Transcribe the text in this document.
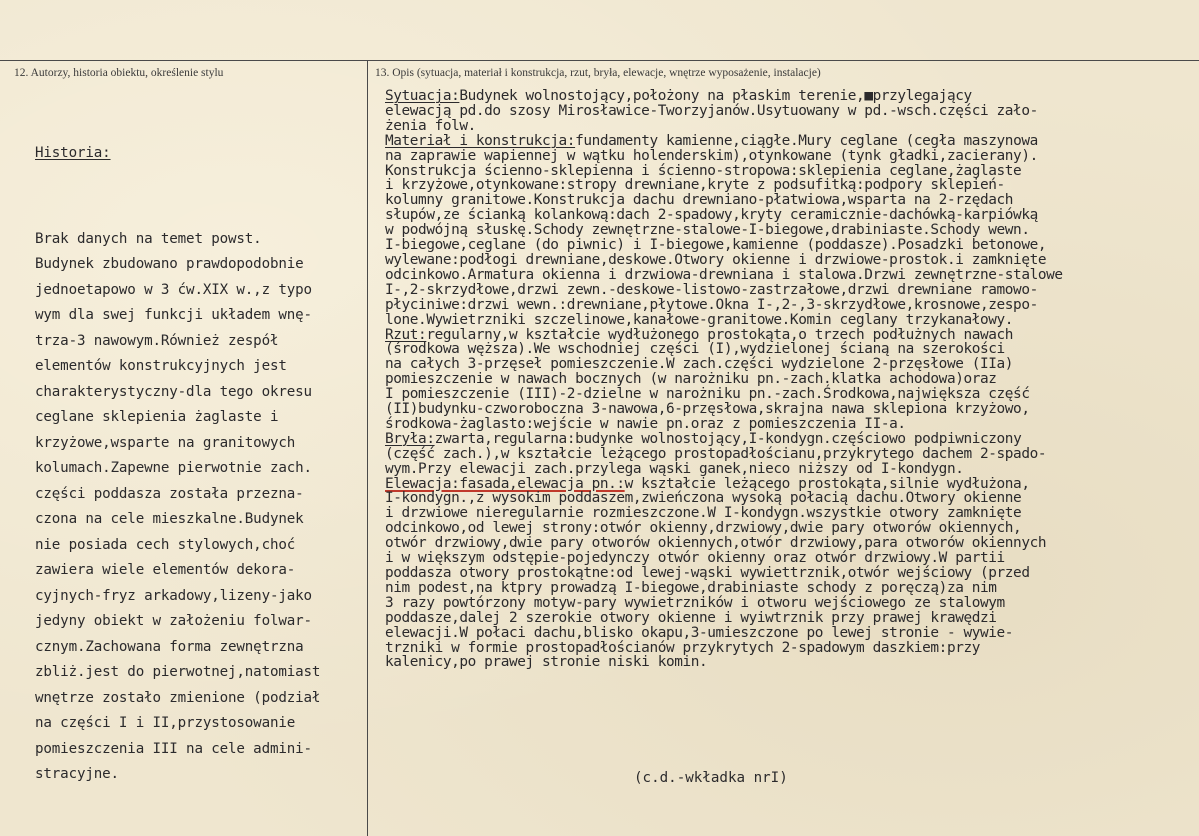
12. Autorzy, historia obiektu, określenie stylu	13. Opis (sytuacja, materiał i konstrukcja, rzut, bryła, elewacje, wnętrze wyposażenie, instalacje)

Historia:

Brak danych na temet powst.
Budynek zbudowano prawdopodobnie
jednoetapowo w 3 ćw.XIX w.,z typo
wym dla swej funkcji układem wnę-
trza-3 nawowym.Również zespół
elementów konstrukcyjnych jest
charakterystyczny-dla tego okresu
ceglane sklepienia żaglaste i
krzyżowe,wsparte na granitowych
kolumach.Zapewne pierwotnie zach.
części poddasza została przezna-
czona na cele mieszkalne.Budynek
nie posiada cech stylowych,choć
zawiera wiele elementów dekora-
cyjnych-fryz arkadowy,lizeny-jako
jedyny obiekt w założeniu folwar-
cznym.Zachowana forma zewnętrzna
zbliż.jest do pierwotnej,natomiast
wnętrze zostało zmienione (podział
na części I i II,przystosowanie
pomieszczenia III na cele admini-
stracyjne.

Sytuacja:Budynek wolnostojący,położony na płaskim terenie,■przylegający
elewacją pd.do szosy Mirosławice-Tworzyjanów.Usytuowany w pd.-wsch.części zało-
żenia folw.
Materiał i konstrukcja:fundamenty kamienne,ciągłe.Mury ceglane (cegła maszynowa
na zaprawie wapiennej w wątku holenderskim),otynkowane (tynk gładki,zacierany).
Konstrukcja ścienno-sklepienna i ścienno-stropowa:sklepienia ceglane,żaglaste
i krzyżowe,otynkowane:stropy drewniane,kryte z podsufitką:podpory sklepień-
kolumny granitowe.Konstrukcja dachu drewniano-płatwiowa,wsparta na 2-rzędach
słupów,ze ścianką kolankową:dach 2-spadowy,kryty ceramicznie-dachówką-karpiówką
w podwójną słuskę.Schody zewnętrzne-stalowe-I-biegowe,drabiniaste.Schody wewn.
I-biegowe,ceglane (do piwnic) i I-biegowe,kamienne (poddasze).Posadzki betonowe,
wylewane:podłogi drewniane,deskowe.Otwory okienne i drzwiowe-prostok.i zamknięte
odcinkowo.Armatura okienna i drzwiowa-drewniana i stalowa.Drzwi zewnętrzne-stalowe
I-,2-skrzydłowe,drzwi zewn.-deskowe-listowo-zastrzałowe,drzwi drewniane ramowo-
płyciniwe:drzwi wewn.:drewniane,płytowe.Okna I-,2-,3-skrzydłowe,krosnowe,zespo-
lone.Wywietrzniki szczelinowe,kanałowe-granitowe.Komin ceglany trzykanałowy.
Rzut:regularny,w kształcie wydłużonego prostokąta,o trzech podłużnych nawach
(środkowa węższa).We wschodniej części (I),wydzielonej ścianą na szerokości
na całych 3-przęseł pomieszczenie.W zach.części wydzielone 2-przęsłowe (IIa)
pomieszczenie w nawach bocznych (w narożniku pn.-zach.klatka achodowa)oraz
I pomieszczenie (III)-2-dzielne w narożniku pn.-zach.Środkowa,największa część
(II)budynku-czworoboczna 3-nawowa,6-przęsłowa,skrajna nawa sklepiona krzyżowo,
środkowa-żaglasto:wejście w nawie pn.oraz z pomieszczenia II-a.
Bryła:zwarta,regularna:budynke wolnostojący,I-kondygn.częściowo podpiwniczony
(część zach.),w kształcie leżącego prostopadłościanu,przykrytego dachem 2-spado-
wym.Przy elewacji zach.przylega wąski ganek,nieco niższy od I-kondygn.
Elewacja:fasada,elewacja pn.:w kształcie leżącego prostokąta,silnie wydłużona,
I-kondygn.,z wysokim poddaszem,zwieńczona wysoką połacią dachu.Otwory okienne
i drzwiowe nieregularnie rozmieszczone.W I-kondygn.wszystkie otwory zamknięte
odcinkowo,od lewej strony:otwór okienny,drzwiowy,dwie pary otworów okiennych,
otwór drzwiowy,dwie pary otworów okiennych,otwór drzwiowy,para otworów okiennych
i w większym odstępie-pojedynczy otwór okienny oraz otwór drzwiowy.W partii
poddasza otwory prostokątne:od lewej-wąski wywiettrznik,otwór wejściowy (przed
nim podest,na ktpry prowadzą I-biegowe,drabiniaste schody z poręczą)za nim
3 razy powtórzony motyw-pary wywietrzników i otworu wejściowego ze stalowym
poddasze,dalej 2 szerokie otwory okienne i wyiwtrznik przy prawej krawędzi
elewacji.W połaci dachu,blisko okapu,3-umieszczone po lewej stronie - wywie-
trzniki w formie prostopadłościanów przykrytych 2-spadowym daszkiem:przy
kalenicy,po prawej stronie niski komin.
(c.d.-wkładka nrI)
